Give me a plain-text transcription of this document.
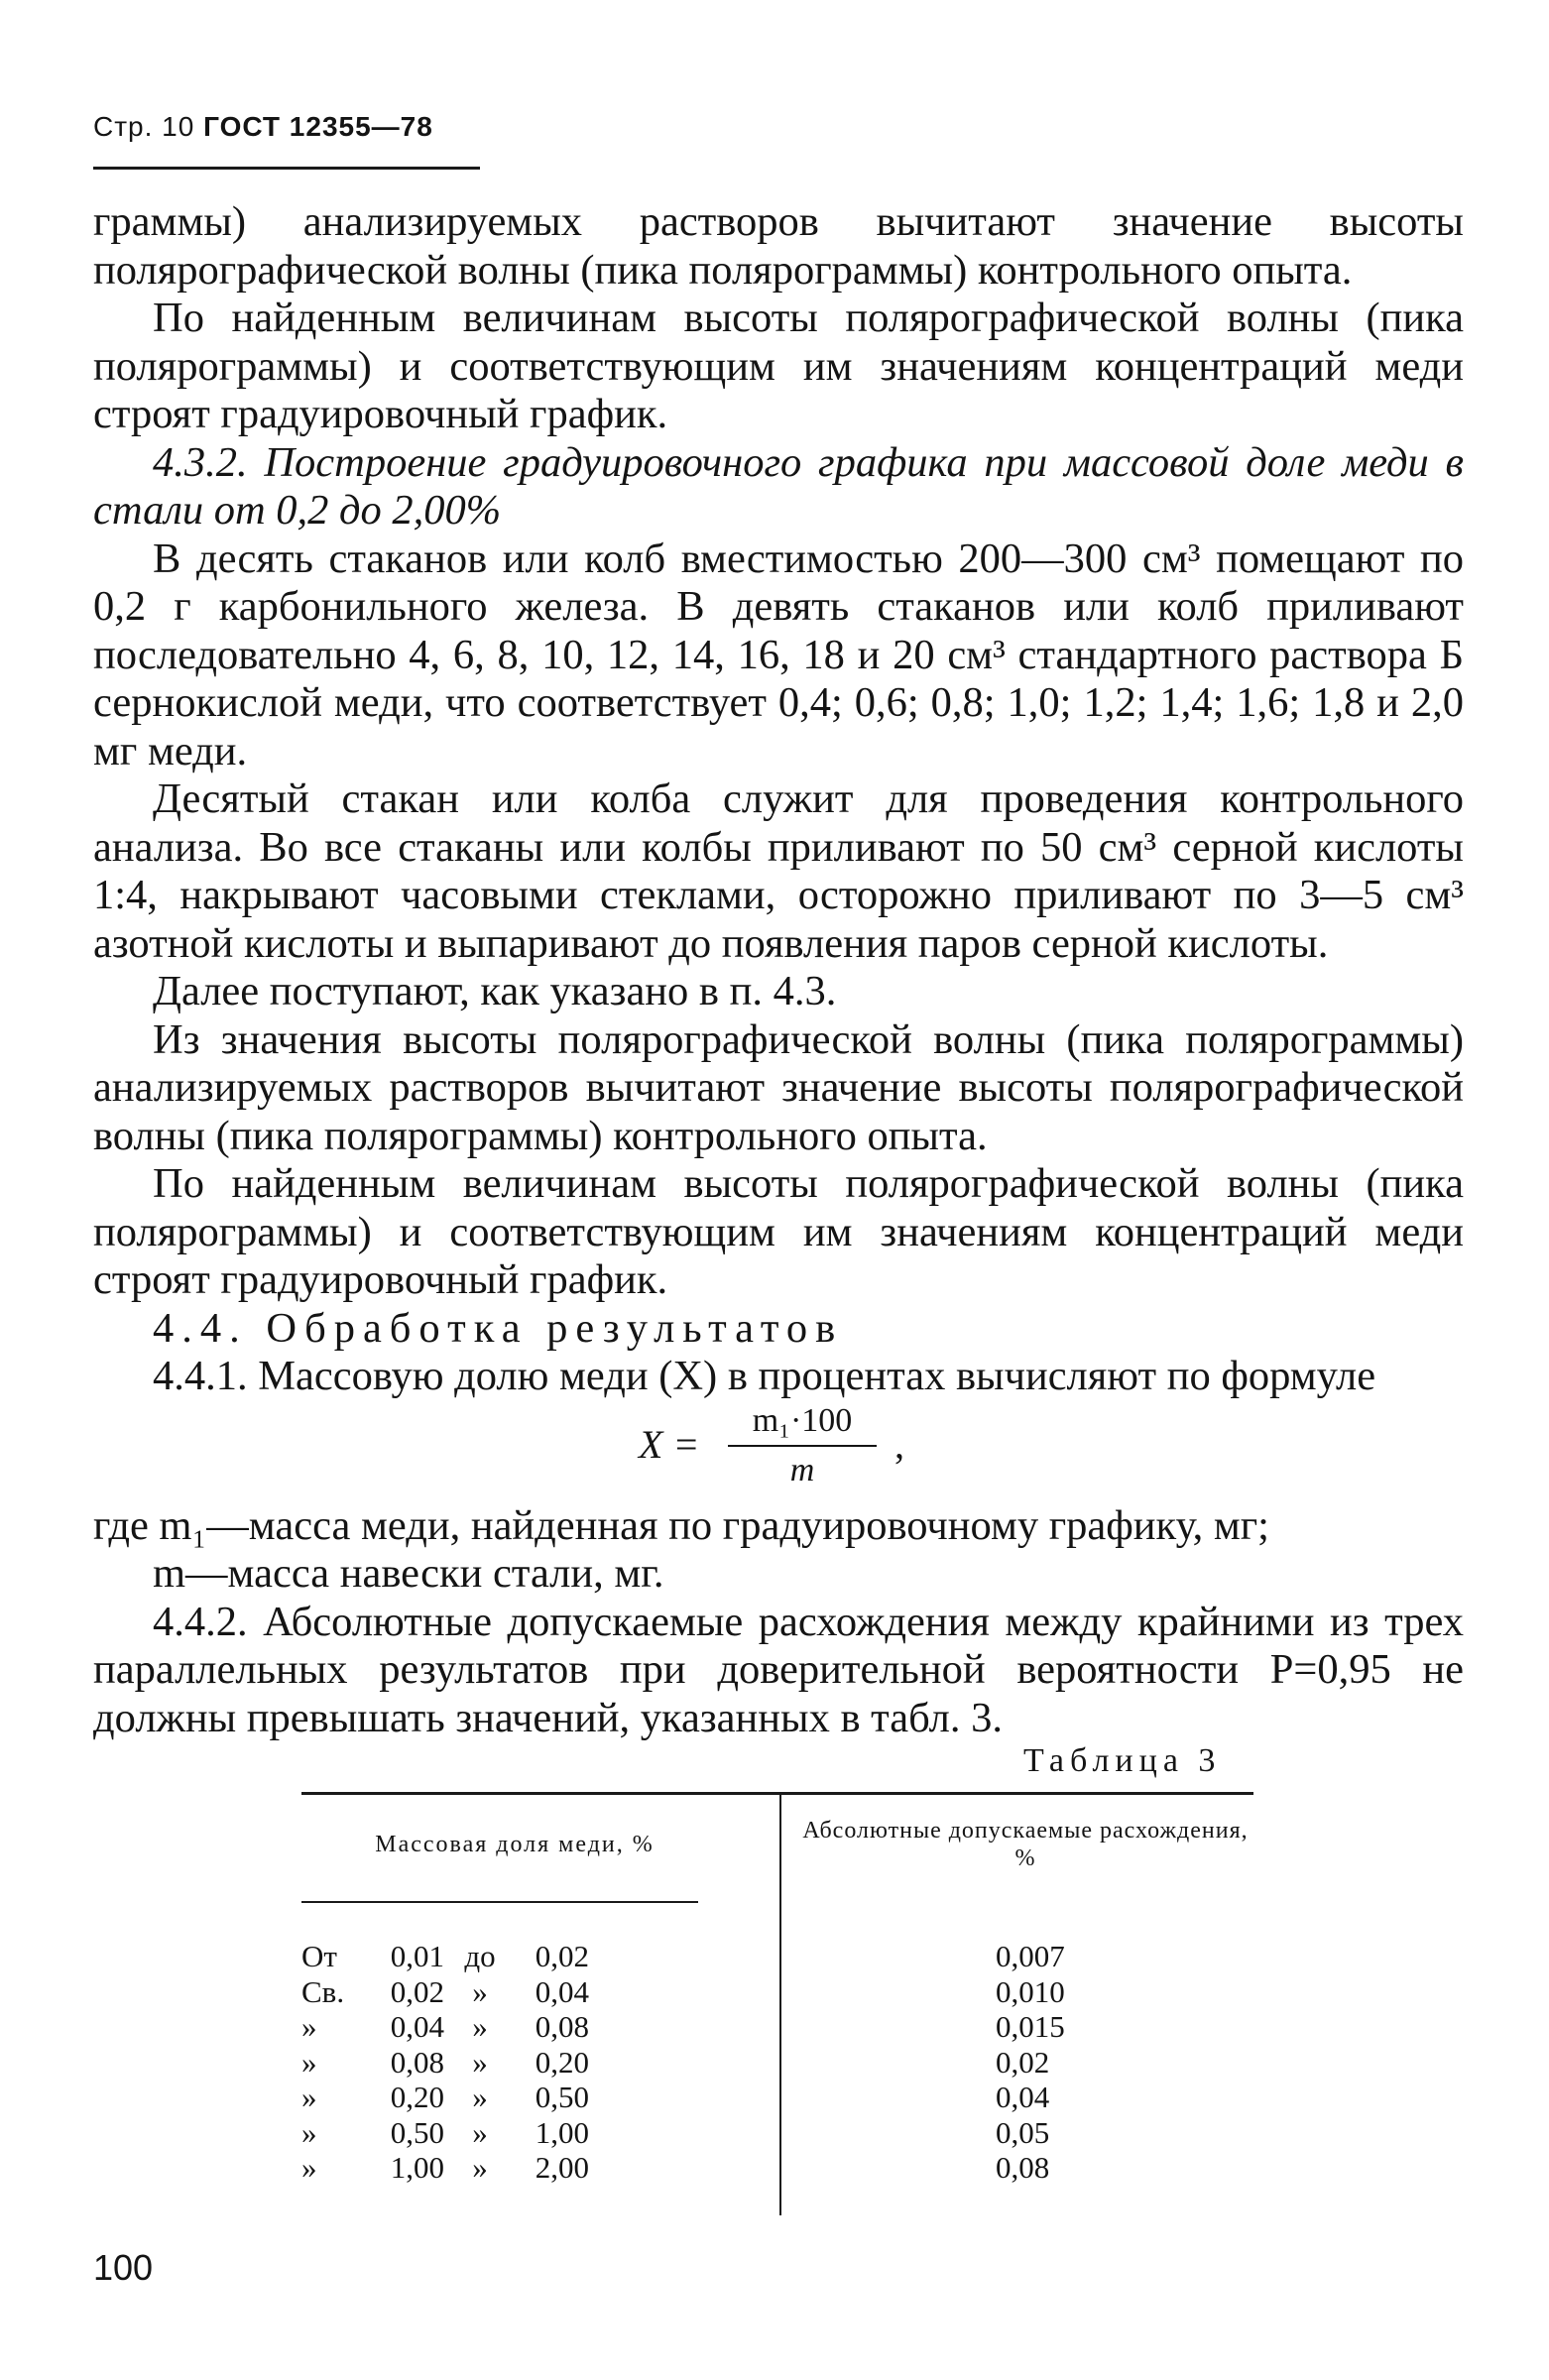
Стр. 10 ГОСТ 12355—78

граммы) анализируемых растворов вычитают значение высоты полярографической волны (пика полярограммы) контрольного опыта.

По найденным величинам высоты полярографической волны (пика полярограммы) и соответствующим им значениям концентраций меди строят градуировочный график.

4.3.2. Построение градуировочного графика при массовой доле меди в стали от 0,2 до 2,00%

В десять стаканов или колб вместимостью 200—300 см³ помещают по 0,2 г карбонильного железа. В девять стаканов или колб приливают последовательно 4, 6, 8, 10, 12, 14, 16, 18 и 20 см³ стандартного раствора Б сернокислой меди, что соответствует 0,4; 0,6; 0,8; 1,0; 1,2; 1,4; 1,6; 1,8 и 2,0 мг меди.

Десятый стакан или колба служит для проведения контрольного анализа. Во все стаканы или колбы приливают по 50 см³ серной кислоты 1:4, накрывают часовыми стеклами, осторожно приливают по 3—5 см³ азотной кислоты и выпаривают до появления паров серной кислоты.

Далее поступают, как указано в п. 4.3.

Из значения высоты полярографической волны (пика полярограммы) анализируемых растворов вычитают значение высоты полярографической волны (пика полярограммы) контрольного опыта.

По найденным величинам высоты полярографической волны (пика полярограммы) и соответствующим им значениям концентраций меди строят градуировочный график.

4.4. Обработка результатов

4.4.1. Массовую долю меди (X) в процентах вычисляют по формуле

X =
m₁·100
m
,

где m₁—масса меди, найденная по градуировочному графику, мг;

m—масса навески стали, мг.

4.4.2. Абсолютные допускаемые расхождения между крайними из трех параллельных результатов при доверительной вероятности P=0,95 не должны превышать значений, указанных в табл. 3.

Таблица 3
Массовая доля меди, %
Абсолютные допускаемые расхождения, %
От	0,01 до	0,02	0,007
Св.	0,02 »	0,04	0,010
»	0,04 »	0,08	0,015
»	0,08 »	0,20	0,02
»	0,20 »	0,50	0,04
»	0,50 »	1,00	0,05
»	1,00 »	2,00	0,08
100
